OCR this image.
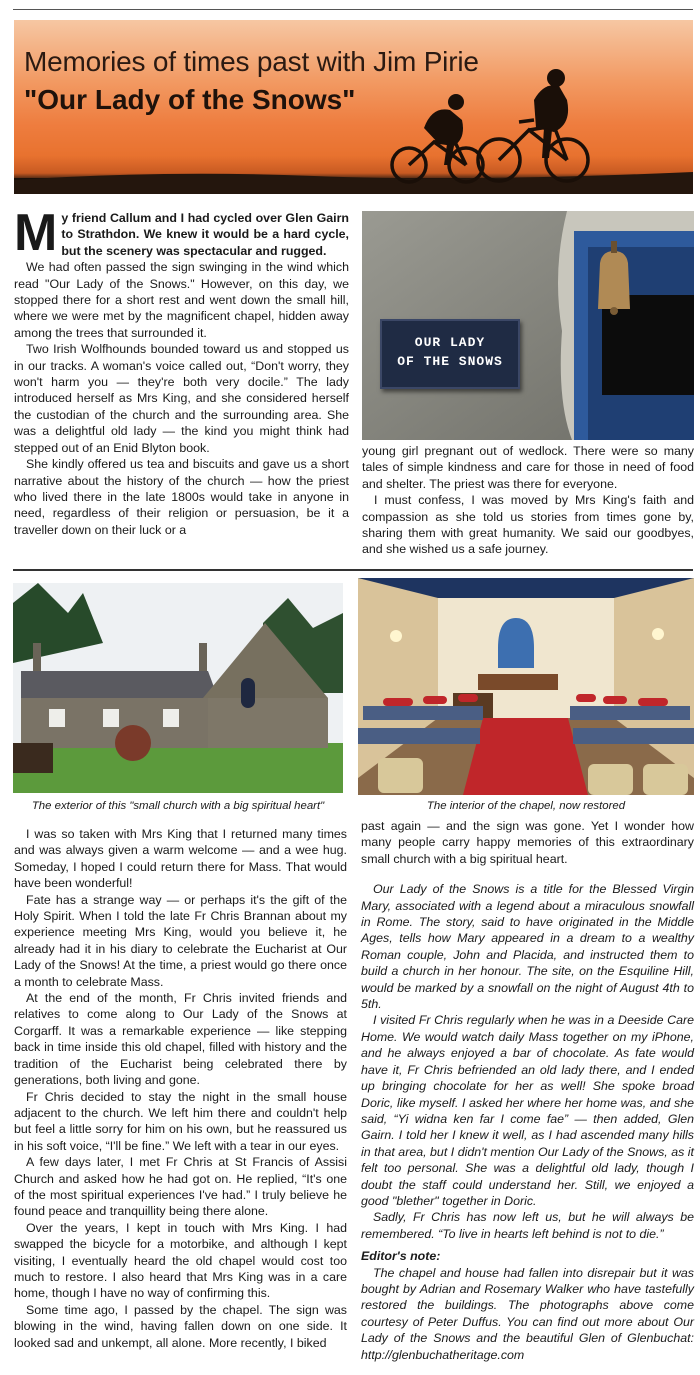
Memories of times past with Jim Pirie
"Our Lady of the Snows"

My friend Callum and I had cycled over Glen Gairn to Strathdon. We knew it would be a hard cycle, but the scenery was spectacular and rugged.

We had often passed the sign swinging in the wind which read "Our Lady of the Snows." However, on this day, we stopped there for a short rest and went down the small hill, where we were met by the magnificent chapel, hidden away among the trees that surrounded it.

Two Irish Wolfhounds bounded toward us and stopped us in our tracks. A woman's voice called out, “Don't worry, they won't harm you — they're both very docile.” The lady introduced herself as Mrs King, and she considered herself the custodian of the church and the surrounding area. She was a delightful old lady — the kind you might think had stepped out of an Enid Blyton book.

She kindly offered us tea and biscuits and gave us a short narrative about the history of the church — how the priest who lived there in the late 1800s would take in anyone in need, regardless of their religion or persuasion, be it a traveller down on their luck or a

OUR LADY
OF THE SNOWS

young girl pregnant out of wedlock. There were so many tales of simple kindness and care for those in need of food and shelter. The priest was there for everyone.

I must confess, I was moved by Mrs King's faith and compassion as she told us stories from times gone by, sharing them with great humanity. We said our goodbyes, and she wished us a safe journey.

The exterior of this "small church with a big spiritual heart"	The interior of the chapel, now restored

I was so taken with Mrs King that I returned many times and was always given a warm welcome — and a wee hug. Someday, I hoped I could return there for Mass. That would have been wonderful!

Fate has a strange way — or perhaps it's the gift of the Holy Spirit. When I told the late Fr Chris Brannan about my experience meeting Mrs King, would you believe it, he already had it in his diary to celebrate the Eucharist at Our Lady of the Snows! At the time, a priest would go there once a month to celebrate Mass.

At the end of the month, Fr Chris invited friends and relatives to come along to Our Lady of the Snows at Corgarff. It was a remarkable experience — like stepping back in time inside this old chapel, filled with history and the tradition of the Eucharist being celebrated there by generations, both living and gone.

Fr Chris decided to stay the night in the small house adjacent to the church. We left him there and couldn't help but feel a little sorry for him on his own, but he reassured us in his soft voice, “I'll be fine.” We left with a tear in our eyes.

A few days later, I met Fr Chris at St Francis of Assisi Church and asked how he had got on. He replied, “It's one of the most spiritual experiences I've had.” I truly believe he found peace and tranquillity being there alone.

Over the years, I kept in touch with Mrs King. I had swapped the bicycle for a motorbike, and although I kept visiting, I eventually heard the old chapel would cost too much to restore. I also heard that Mrs King was in a care home, though I have no way of confirming this.

Some time ago, I passed by the chapel. The sign was blowing in the wind, having fallen down on one side. It looked sad and unkempt, all alone. More recently, I biked

past again — and the sign was gone. Yet I wonder how many people carry happy memories of this extraordinary small church with a big spiritual heart.

Our Lady of the Snows is a title for the Blessed Virgin Mary, associated with a legend about a miraculous snowfall in Rome. The story, said to have originated in the Middle Ages, tells how Mary appeared in a dream to a wealthy Roman couple, John and Placida, and instructed them to build a church in her honour. The site, on the Esquiline Hill, would be marked by a snowfall on the night of August 4th to 5th.

I visited Fr Chris regularly when he was in a Deeside Care Home. We would watch daily Mass together on my iPhone, and he always enjoyed a bar of chocolate. As fate would have it, Fr Chris befriended an old lady there, and I ended up bringing chocolate for her as well! She spoke broad Doric, like myself. I asked her where her home was, and she said, “Yi widna ken far I come fae” — then added, Glen Gairn. I told her I knew it well, as I had ascended many hills in that area, but I didn't mention Our Lady of the Snows, as it felt too personal. She was a delightful old lady, though I doubt the staff could understand her. Still, we enjoyed a good "blether" together in Doric.

Sadly, Fr Chris has now left us, but he will always be remembered. “To live in hearts left behind is not to die.”

Editor's note:

The chapel and house had fallen into disrepair but it was bought by Adrian and Rosemary Walker who have tastefully restored the buildings. The photographs above come courtesy of Peter Duffus. You can find out more about Our Lady of the Snows and the beautiful Glen of Glenbuchat: http://glenbuchatheritage.com
